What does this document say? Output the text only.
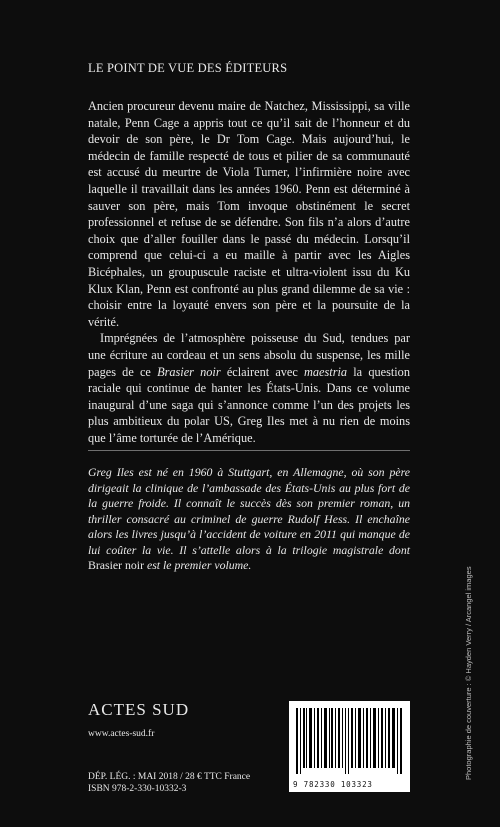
LE POINT DE VUE DES ÉDITEURS

Ancien procureur devenu maire de Natchez, Mississippi, sa ville natale, Penn Cage a appris tout ce qu’il sait de l’honneur et du devoir de son père, le Dr Tom Cage. Mais aujourd’hui, le médecin de famille respecté de tous et pilier de sa communauté est accusé du meurtre de Viola Turner, l’infirmière noire avec laquelle il travaillait dans les années 1960. Penn est déterminé à sauver son père, mais Tom invoque obstinément le secret professionnel et refuse de se défendre. Son fils n’a alors d’autre choix que d’aller fouiller dans le passé du médecin. Lorsqu’il comprend que celui-ci a eu maille à partir avec les Aigles Bicéphales, un groupuscule raciste et ultra-violent issu du Ku Klux Klan, Penn est confronté au plus grand dilemme de sa vie : choisir entre la loyauté envers son père et la poursuite de la vérité.

Imprégnées de l’atmosphère poisseuse du Sud, tendues par une écriture au cordeau et un sens absolu du suspense, les mille pages de ce Brasier noir éclairent avec maestria la question raciale qui continue de hanter les États-Unis. Dans ce volume inaugural d’une saga qui s’annonce comme l’un des projets les plus ambitieux du polar US, Greg Iles met à nu rien de moins que l’âme torturée de l’Amérique.

Greg Iles est né en 1960 à Stuttgart, en Allemagne, où son père dirigeait la clinique de l’ambassade des États-Unis au plus fort de la guerre froide. Il connaît le succès dès son premier roman, un thriller consacré au criminel de guerre Rudolf Hess. Il enchaîne alors les livres jusqu’à l’accident de voiture en 2011 qui manque de lui coûter la vie. Il s’attelle alors à la trilogie magistrale dont Brasier noir est le premier volume.
ACTES SUD
www.actes-sud.fr
DÉP. LÉG. : MAI 2018 / 28 € TTC France
ISBN 978-2-330-10332-3	9 782330 103323
Photographie de couverture : © Hayden Verry / Arcangel images
